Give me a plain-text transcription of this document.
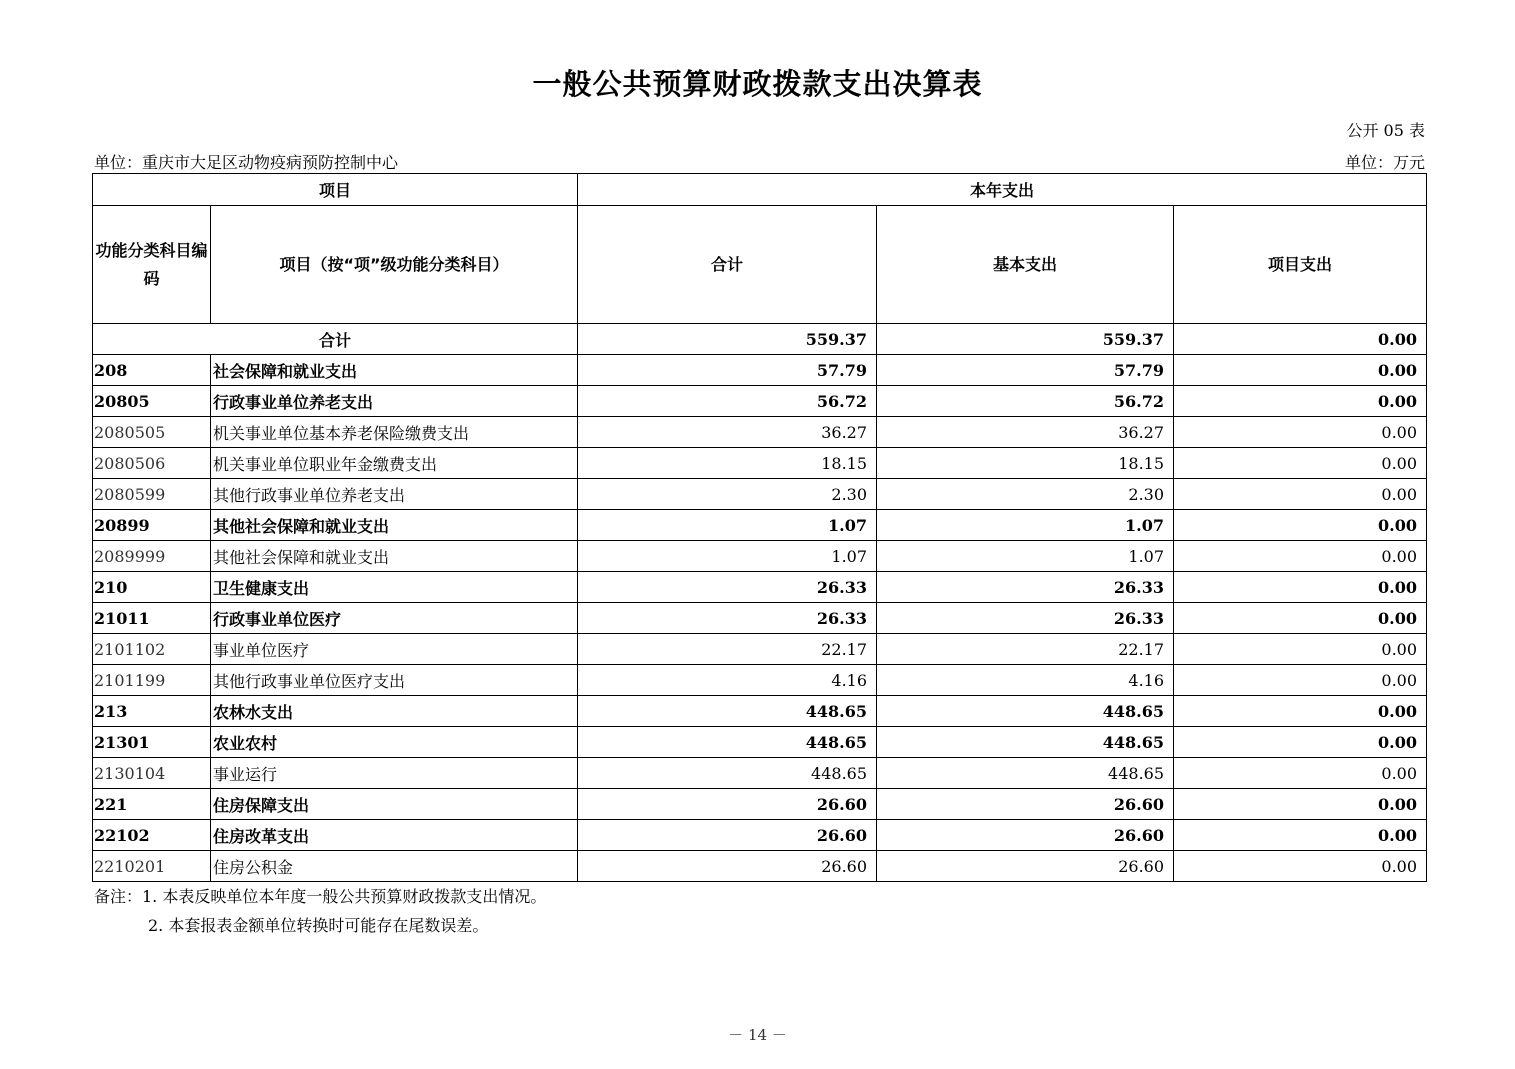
一般公共预算财政拨款支出决算表
公开 05 表
单位：重庆市大足区动物疫病预防控制中心	单位：万元
项目		本年支出		
功能分类科目编码	项目（按“项”级功能分类科目）	合计	基本支出	项目支出
合计		559.37	559.37	0.00
208	社会保障和就业支出	57.79	57.79	0.00
20805	行政事业单位养老支出	56.72	56.72	0.00
2080505	机关事业单位基本养老保险缴费支出	36.27	36.27	0.00
2080506	机关事业单位职业年金缴费支出	18.15	18.15	0.00
2080599	其他行政事业单位养老支出	2.30	2.30	0.00
20899	其他社会保障和就业支出	1.07	1.07	0.00
2089999	其他社会保障和就业支出	1.07	1.07	0.00
210	卫生健康支出	26.33	26.33	0.00
21011	行政事业单位医疗	26.33	26.33	0.00
2101102	事业单位医疗	22.17	22.17	0.00
2101199	其他行政事业单位医疗支出	4.16	4.16	0.00
213	农林水支出	448.65	448.65	0.00
21301	农业农村	448.65	448.65	0.00
2130104	事业运行	448.65	448.65	0.00
221	住房保障支出	26.60	26.60	0.00
22102	住房改革支出	26.60	26.60	0.00
2210201	住房公积金	26.60	26.60	0.00
备注：1. 本表反映单位本年度一般公共预算财政拨款支出情况。
2. 本套报表金额单位转换时可能存在尾数误差。
－ 14 －
